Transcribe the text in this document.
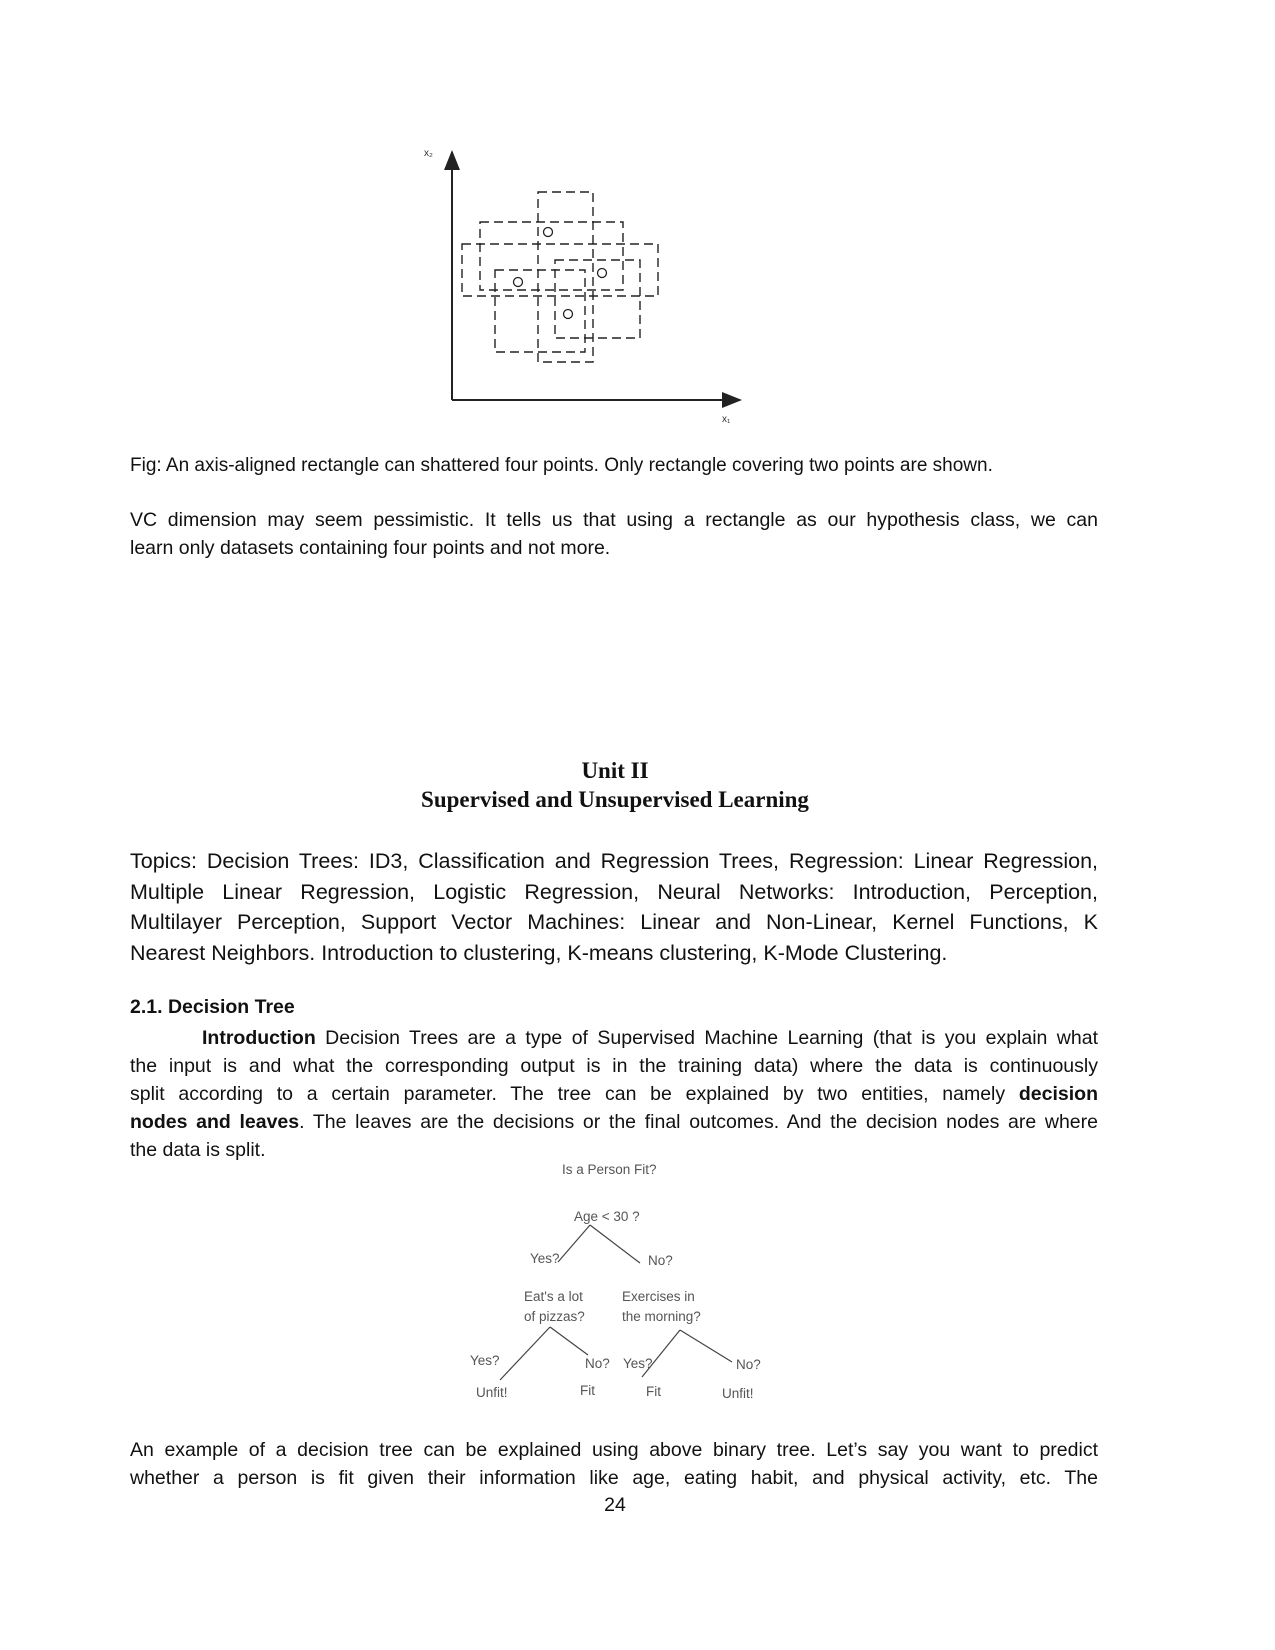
x₂
x₁
Fig: An axis-aligned rectangle can shattered four points. Only rectangle covering two points are shown.
VC dimension may seem pessimistic. It tells us that using a rectangle as our hypothesis class, we can
learn only datasets containing four points and not more.
Unit II
Supervised and Unsupervised Learning
Topics: Decision Trees: ID3, Classification and Regression Trees, Regression: Linear Regression,
Multiple Linear Regression, Logistic Regression, Neural Networks: Introduction, Perception,
Multilayer Perception, Support Vector Machines: Linear and Non-Linear, Kernel Functions, K
Nearest Neighbors. Introduction to clustering, K-means clustering, K-Mode Clustering.
2.1. Decision Tree
Introduction Decision Trees are a type of Supervised Machine Learning (that is you explain what
the input is and what the corresponding output is in the training data) where the data is continuously
split according to a certain parameter. The tree can be explained by two entities, namely decision
nodes and leaves. The leaves are the decisions or the final outcomes. And the decision nodes are where
the data is split.
Is a Person Fit?
Age < 30 ?
Yes?	No?
Eat's a lot
of pizzas?
Exercises in
the morning?
Yes?	No? Yes?	No?
Unfit!	Fit	Fit	Unfit!
An example of a decision tree can be explained using above binary tree. Let’s say you want to predict
whether a person is fit given their information like age, eating habit, and physical activity, etc. The
24
